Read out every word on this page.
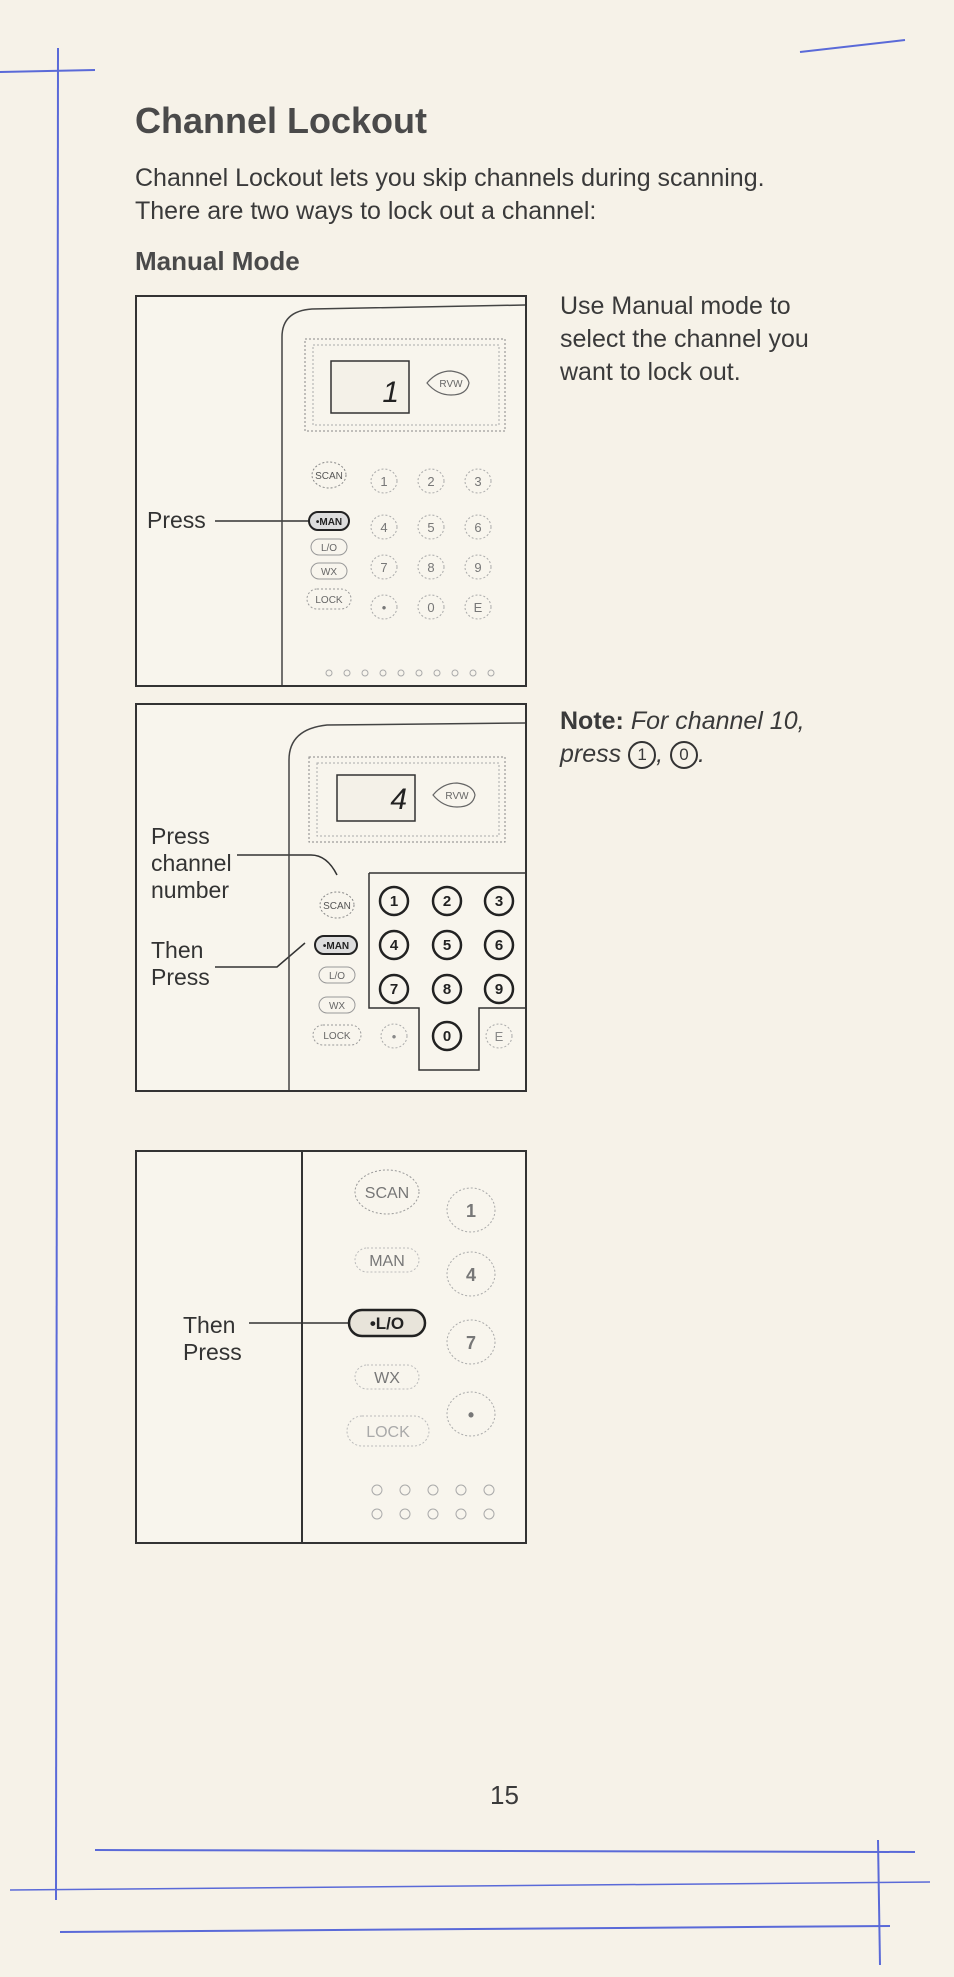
Channel Lockout
Channel Lockout lets you skip channels during scanning.
There are two ways to lock out a channel:
Manual Mode
Use Manual mode to
select the channel you
want to lock out.
Note: For channel 10,
press 1 , 0 .
Press
1	RVW
SCAN
•MAN
L/O
WX
LOCK
1	2	3
4	5	6
7	8	9
•	0	E
Press
channel
number
Then
Press
4	RVW
SCAN
•MAN
L/O
WX
LOCK
1	2	3
4	5	6
7	8	9
0
•	E
Then
Press
SCAN
MAN
•L/O
WX
LOCK
1
4
7
•
15
